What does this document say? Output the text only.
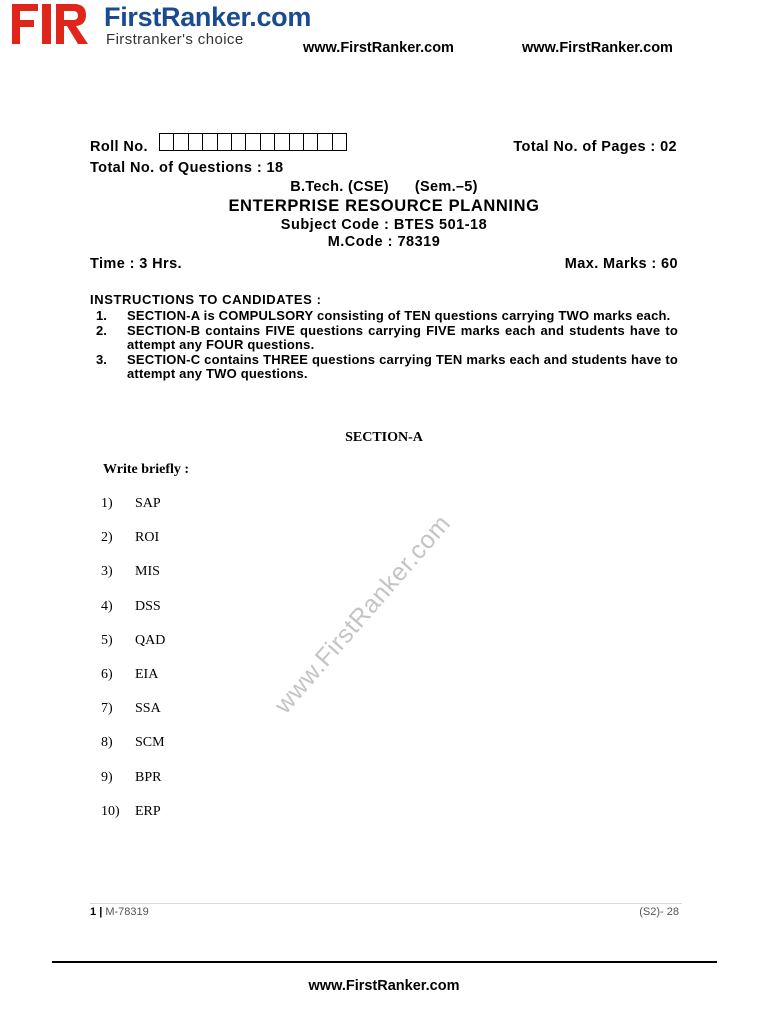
FirstRanker.com
Firstranker's choice	www.FirstRanker.com	www.FirstRanker.com
Roll No.	Total No. of Pages : 02
Total No. of Questions : 18
B.Tech. (CSE) (Sem.–5)
ENTERPRISE RESOURCE PLANNING
Subject Code : BTES 501-18
M.Code : 78319
Time : 3 Hrs.	Max. Marks : 60
INSTRUCTIONS TO CANDIDATES :
1.	SECTION-A is COMPULSORY consisting of TEN questions carrying TWO marks each.
2.	SECTION-B contains FIVE questions carrying FIVE marks each and students have to attempt any FOUR questions.
3.	SECTION-C contains THREE questions carrying TEN marks each and students have to attempt any TWO questions.
SECTION-A
Write briefly :
1) SAP
2) ROI
3) MIS
4) DSS
5) QAD
6) EIA
7) SSA
8) SCM
9) BPR
10) ERP
www.FirstRanker.com
1 | M-78319	(S2)- 28
www.FirstRanker.com
